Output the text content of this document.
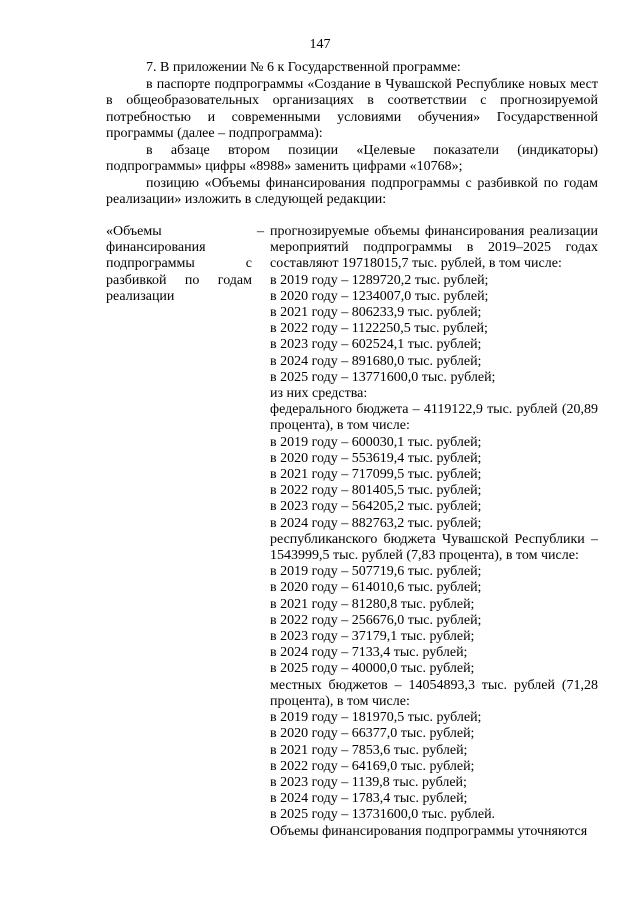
147

7. В приложении № 6 к Государственной программе:

в паспорте подпрограммы «Создание в Чувашской Республике новых мест в общеобразовательных организациях в соответствии с прогнозируемой потребностью и современными условиями обучения» Государственной программы (далее – подпрограмма):

в абзаце втором позиции «Целевые показатели (индикаторы) подпрограммы» цифры «8988» заменить цифрами «10768»;

позицию «Объемы финансирования подпрограммы с разбивкой по годам реализации» изложить в следующей редакции:

«Объемы финансирования подпрограммы с разбивкой по годам реализации

– прогнозируемые объемы финансирования реализации мероприятий подпрограммы в 2019–2025 годах составляют 19718015,7 тыс. рублей, в том числе:

в 2019 году – 1289720,2 тыс. рублей;

в 2020 году – 1234007,0 тыс. рублей;

в 2021 году – 806233,9 тыс. рублей;

в 2022 году – 1122250,5 тыс. рублей;

в 2023 году – 602524,1 тыс. рублей;

в 2024 году – 891680,0 тыс. рублей;

в 2025 году – 13771600,0 тыс. рублей;

из них средства:

федерального бюджета – 4119122,9 тыс. рублей (20,89 процента), в том числе:

в 2019 году – 600030,1 тыс. рублей;

в 2020 году – 553619,4 тыс. рублей;

в 2021 году – 717099,5 тыс. рублей;

в 2022 году – 801405,5 тыс. рублей;

в 2023 году – 564205,2 тыс. рублей;

в 2024 году – 882763,2 тыс. рублей;

республиканского бюджета Чувашской Республики – 1543999,5 тыс. рублей (7,83 процента), в том числе:

в 2019 году – 507719,6 тыс. рублей;

в 2020 году – 614010,6 тыс. рублей;

в 2021 году – 81280,8 тыс. рублей;

в 2022 году – 256676,0 тыс. рублей;

в 2023 году – 37179,1 тыс. рублей;

в 2024 году – 7133,4 тыс. рублей;

в 2025 году – 40000,0 тыс. рублей;

местных бюджетов – 14054893,3 тыс. рублей (71,28 процента), в том числе:

в 2019 году – 181970,5 тыс. рублей;

в 2020 году – 66377,0 тыс. рублей;

в 2021 году – 7853,6 тыс. рублей;

в 2022 году – 64169,0 тыс. рублей;

в 2023 году – 1139,8 тыс. рублей;

в 2024 году – 1783,4 тыс. рублей;

в 2025 году – 13731600,0 тыс. рублей.

Объемы финансирования подпрограммы уточняются
